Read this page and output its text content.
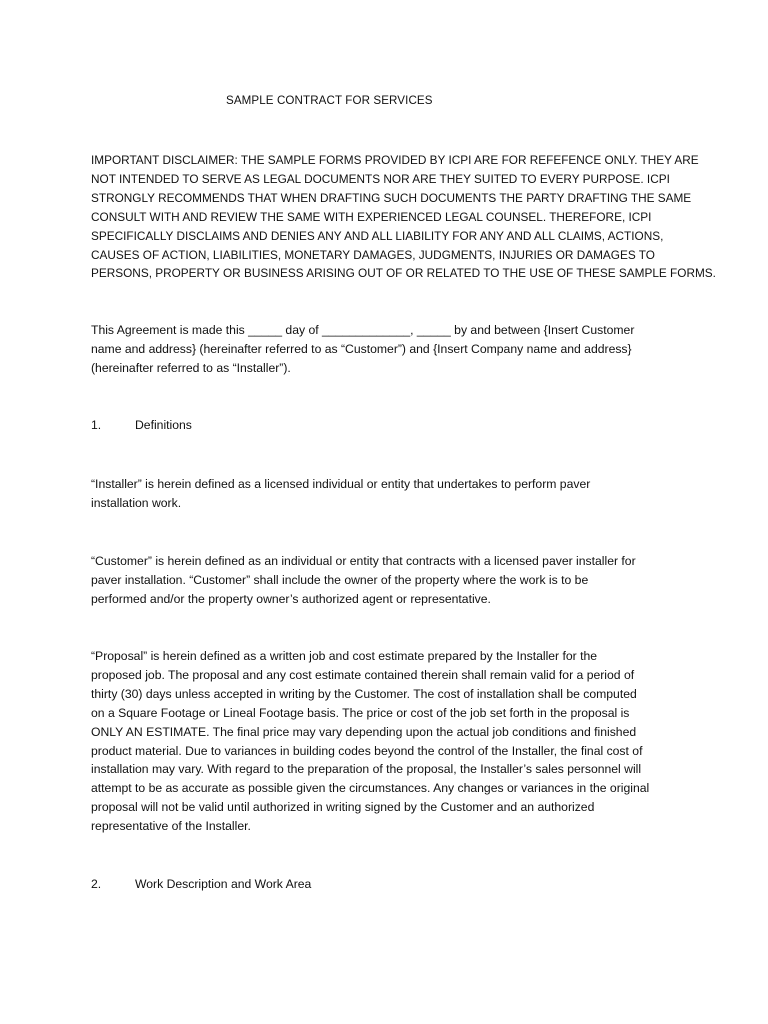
SAMPLE CONTRACT FOR SERVICES
IMPORTANT DISCLAIMER: THE SAMPLE FORMS PROVIDED BY ICPI ARE FOR REFEFENCE ONLY. THEY ARE
NOT INTENDED TO SERVE AS LEGAL DOCUMENTS NOR ARE THEY SUITED TO EVERY PURPOSE. ICPI
STRONGLY RECOMMENDS THAT WHEN DRAFTING SUCH DOCUMENTS THE PARTY DRAFTING THE SAME
CONSULT WITH AND REVIEW THE SAME WITH EXPERIENCED LEGAL COUNSEL. THEREFORE, ICPI
SPECIFICALLY DISCLAIMS AND DENIES ANY AND ALL LIABILITY FOR ANY AND ALL CLAIMS, ACTIONS,
CAUSES OF ACTION, LIABILITIES, MONETARY DAMAGES, JUDGMENTS, INJURIES OR DAMAGES TO
PERSONS, PROPERTY OR BUSINESS ARISING OUT OF OR RELATED TO THE USE OF THESE SAMPLE FORMS.
This Agreement is made this _____ day of _____________, _____ by and between {Insert Customer
name and address} (hereinafter referred to as “Customer”) and {Insert Company name and address}
(hereinafter referred to as “Installer”).
1.	Definitions
“Installer” is herein defined as a licensed individual or entity that undertakes to perform paver
installation work.
“Customer” is herein defined as an individual or entity that contracts with a licensed paver installer for
paver installation. “Customer” shall include the owner of the property where the work is to be
performed and/or the property owner’s authorized agent or representative.
“Proposal” is herein defined as a written job and cost estimate prepared by the Installer for the
proposed job. The proposal and any cost estimate contained therein shall remain valid for a period of
thirty (30) days unless accepted in writing by the Customer. The cost of installation shall be computed
on a Square Footage or Lineal Footage basis. The price or cost of the job set forth in the proposal is
ONLY AN ESTIMATE. The final price may vary depending upon the actual job conditions and finished
product material. Due to variances in building codes beyond the control of the Installer, the final cost of
installation may vary. With regard to the preparation of the proposal, the Installer’s sales personnel will
attempt to be as accurate as possible given the circumstances. Any changes or variances in the original
proposal will not be valid until authorized in writing signed by the Customer and an authorized
representative of the Installer.
2.	Work Description and Work Area
